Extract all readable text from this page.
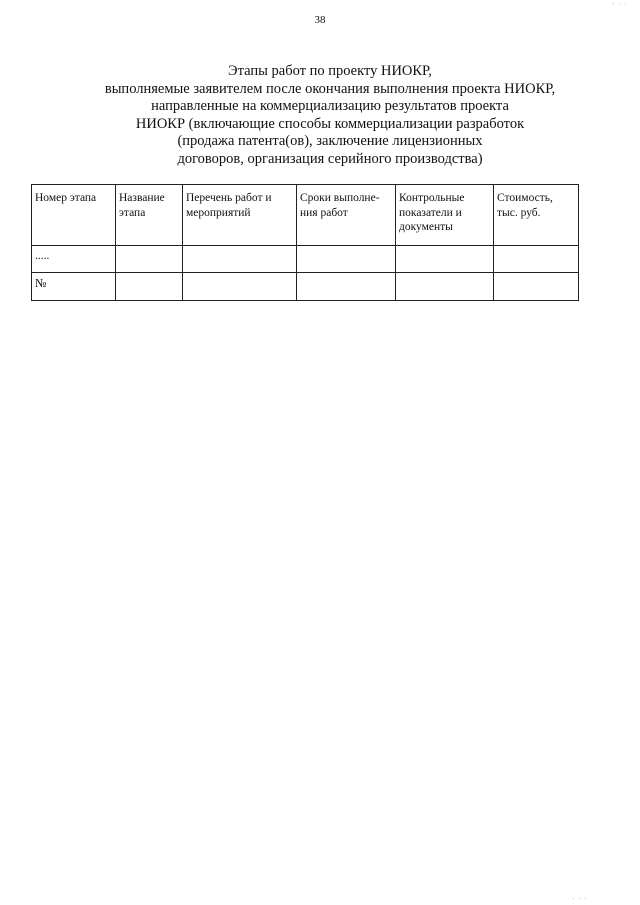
38
· · ·
Этапы работ по проекту НИОКР,
выполняемые заявителем после окончания выполнения проекта НИОКР,
направленные на коммерциализацию результатов проекта
НИОКР (включающие способы коммерциализации разработок
(продажа патента(ов), заключение лицензионных
договоров, организация серийного производства)
Номер этапа	Название этапа	Перечень работ и мероприятий	Сроки выполне-ния работ	Контрольные показатели и документы	Стоимость, тыс. руб.
.....					
№					
· · ·
